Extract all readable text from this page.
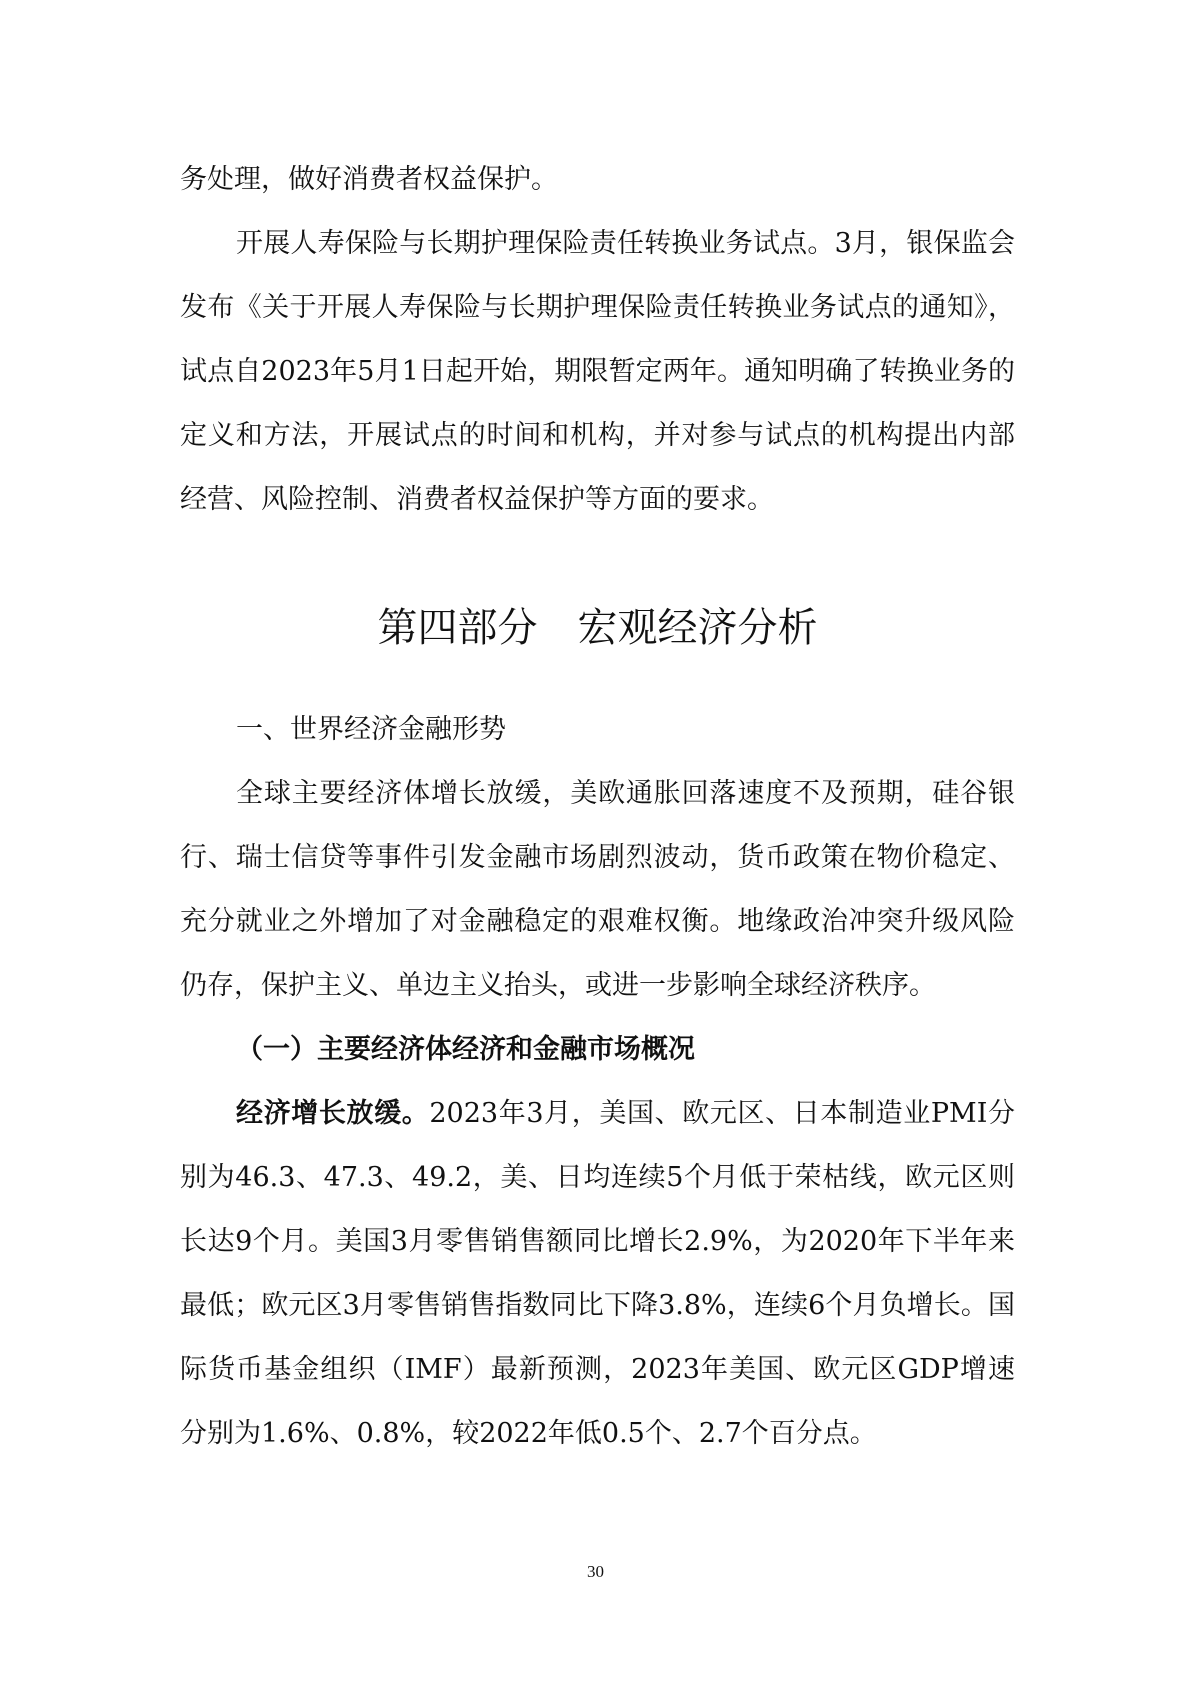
务处理，做好消费者权益保护。

开展人寿保险与长期护理保险责任转换业务试点。3月，银保监会发布《关于开展人寿保险与长期护理保险责任转换业务试点的通知》，试点自2023年5月1日起开始，期限暂定两年。通知明确了转换业务的定义和方法，开展试点的时间和机构，并对参与试点的机构提出内部经营、风险控制、消费者权益保护等方面的要求。

第四部分 宏观经济分析
一、世界经济金融形势

全球主要经济体增长放缓，美欧通胀回落速度不及预期，硅谷银行、瑞士信贷等事件引发金融市场剧烈波动，货币政策在物价稳定、充分就业之外增加了对金融稳定的艰难权衡。地缘政治冲突升级风险仍存，保护主义、单边主义抬头，或进一步影响全球经济秩序。

（一）主要经济体经济和金融市场概况

经济增长放缓。2023年3月，美国、欧元区、日本制造业PMI分别为46.3、47.3、49.2，美、日均连续5个月低于荣枯线，欧元区则长达9个月。美国3月零售销售额同比增长2.9%，为2020年下半年来最低；欧元区3月零售销售指数同比下降3.8%，连续6个月负增长。国际货币基金组织（IMF）最新预测，2023年美国、欧元区GDP增速分别为1.6%、0.8%，较2022年低0.5个、2.7个百分点。

30
